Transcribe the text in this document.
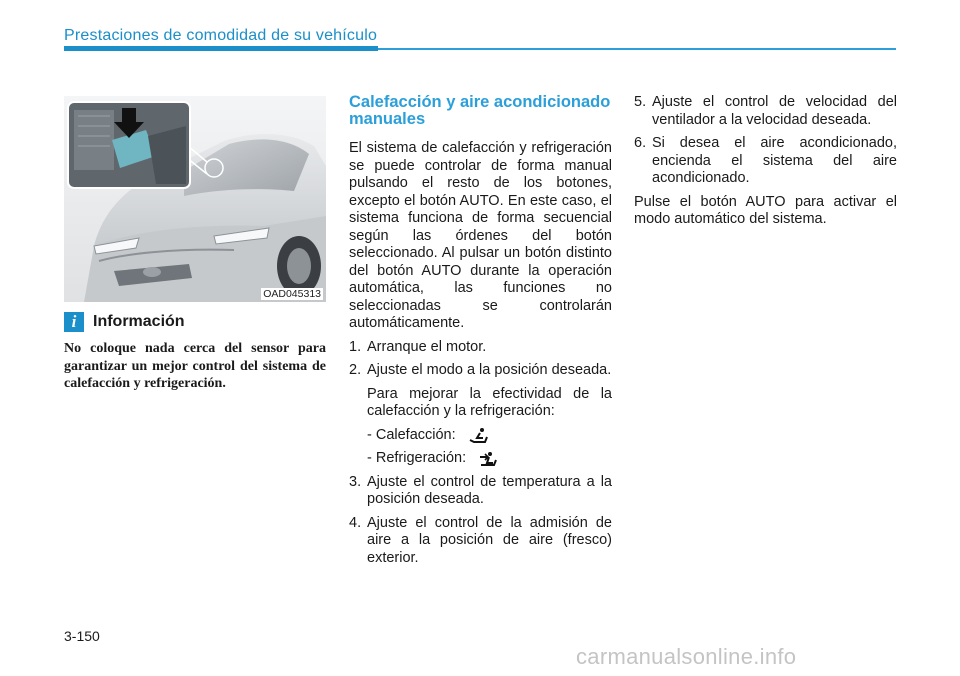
Prestaciones de comodidad de su vehículo
OAD045313
i	Información
No coloque nada cerca del sensor para garantizar un mejor control del sistema de calefacción y refrigeración.
Calefacción y aire acondicionado manuales
El sistema de calefacción y refrigeración se puede controlar de forma manual pulsando el resto de los botones, excepto el botón AUTO. En este caso, el sistema funciona de forma secuencial según las órdenes del botón seleccionado. Al pulsar un botón distinto del botón AUTO durante la operación automática, las funciones no seleccionadas se controlarán automáticamente.
1. Arranque el motor.
2. Ajuste el modo a la posición deseada.
Para mejorar la efectividad de la calefacción y la refrigeración:
- Calefacción:
- Refrigeración:
3. Ajuste el control de temperatura a la posición deseada.
4. Ajuste el control de la admisión de aire a la posición de aire (fresco) exterior.
5. Ajuste el control de velocidad del ventilador a la velocidad deseada.
6. Si desea el aire acondicionado, encienda el sistema del aire acondicionado.
Pulse el botón AUTO para activar el modo automático del sistema.
3-150
carmanualsonline.info
